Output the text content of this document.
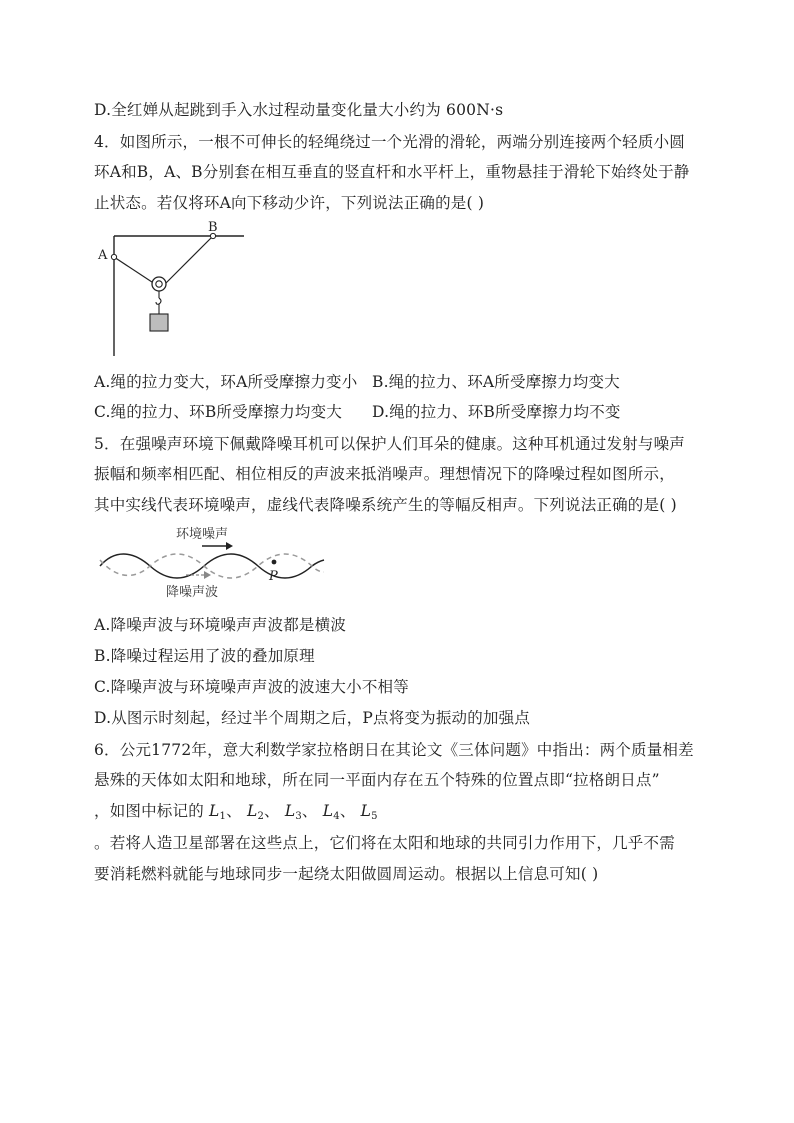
D.全红婵从起跳到手入水过程动量变化量大小约为 600N·s
4．如图所示，一根不可伸长的轻绳绕过一个光滑的滑轮，两端分别连接两个轻质小圆
环A和B，A、B分别套在相互垂直的竖直杆和水平杆上，重物悬挂于滑轮下始终处于静
止状态。若仅将环A向下移动少许，下列说法正确的是( )
A
B
A.绳的拉力变大，环A所受摩擦力变小 B.绳的拉力、环A所受摩擦力均变大
C.绳的拉力、环B所受摩擦力均变大 D.绳的拉力、环B所受摩擦力均不变
5．在强噪声环境下佩戴降噪耳机可以保护人们耳朵的健康。这种耳机通过发射与噪声
振幅和频率相匹配、相位相反的声波来抵消噪声。理想情况下的降噪过程如图所示，
其中实线代表环境噪声，虚线代表降噪系统产生的等幅反相声。下列说法正确的是( )
环境噪声
降噪声波
P
A.降噪声波与环境噪声声波都是横波
B.降噪过程运用了波的叠加原理
C.降噪声波与环境噪声声波的波速大小不相等
D.从图示时刻起，经过半个周期之后，P点将变为振动的加强点
6．公元1772年，意大利数学家拉格朗日在其论文《三体问题》中指出：两个质量相差
悬殊的天体如太阳和地球，所在同一平面内存在五个特殊的位置点即“拉格朗日点”
，如图中标记的 $L_1$、 $L_2$、 $L_3$、 $L_4$、 $L_5$
。若将人造卫星部署在这些点上，它们将在太阳和地球的共同引力作用下，几乎不需
要消耗燃料就能与地球同步一起绕太阳做圆周运动。根据以上信息可知( )
